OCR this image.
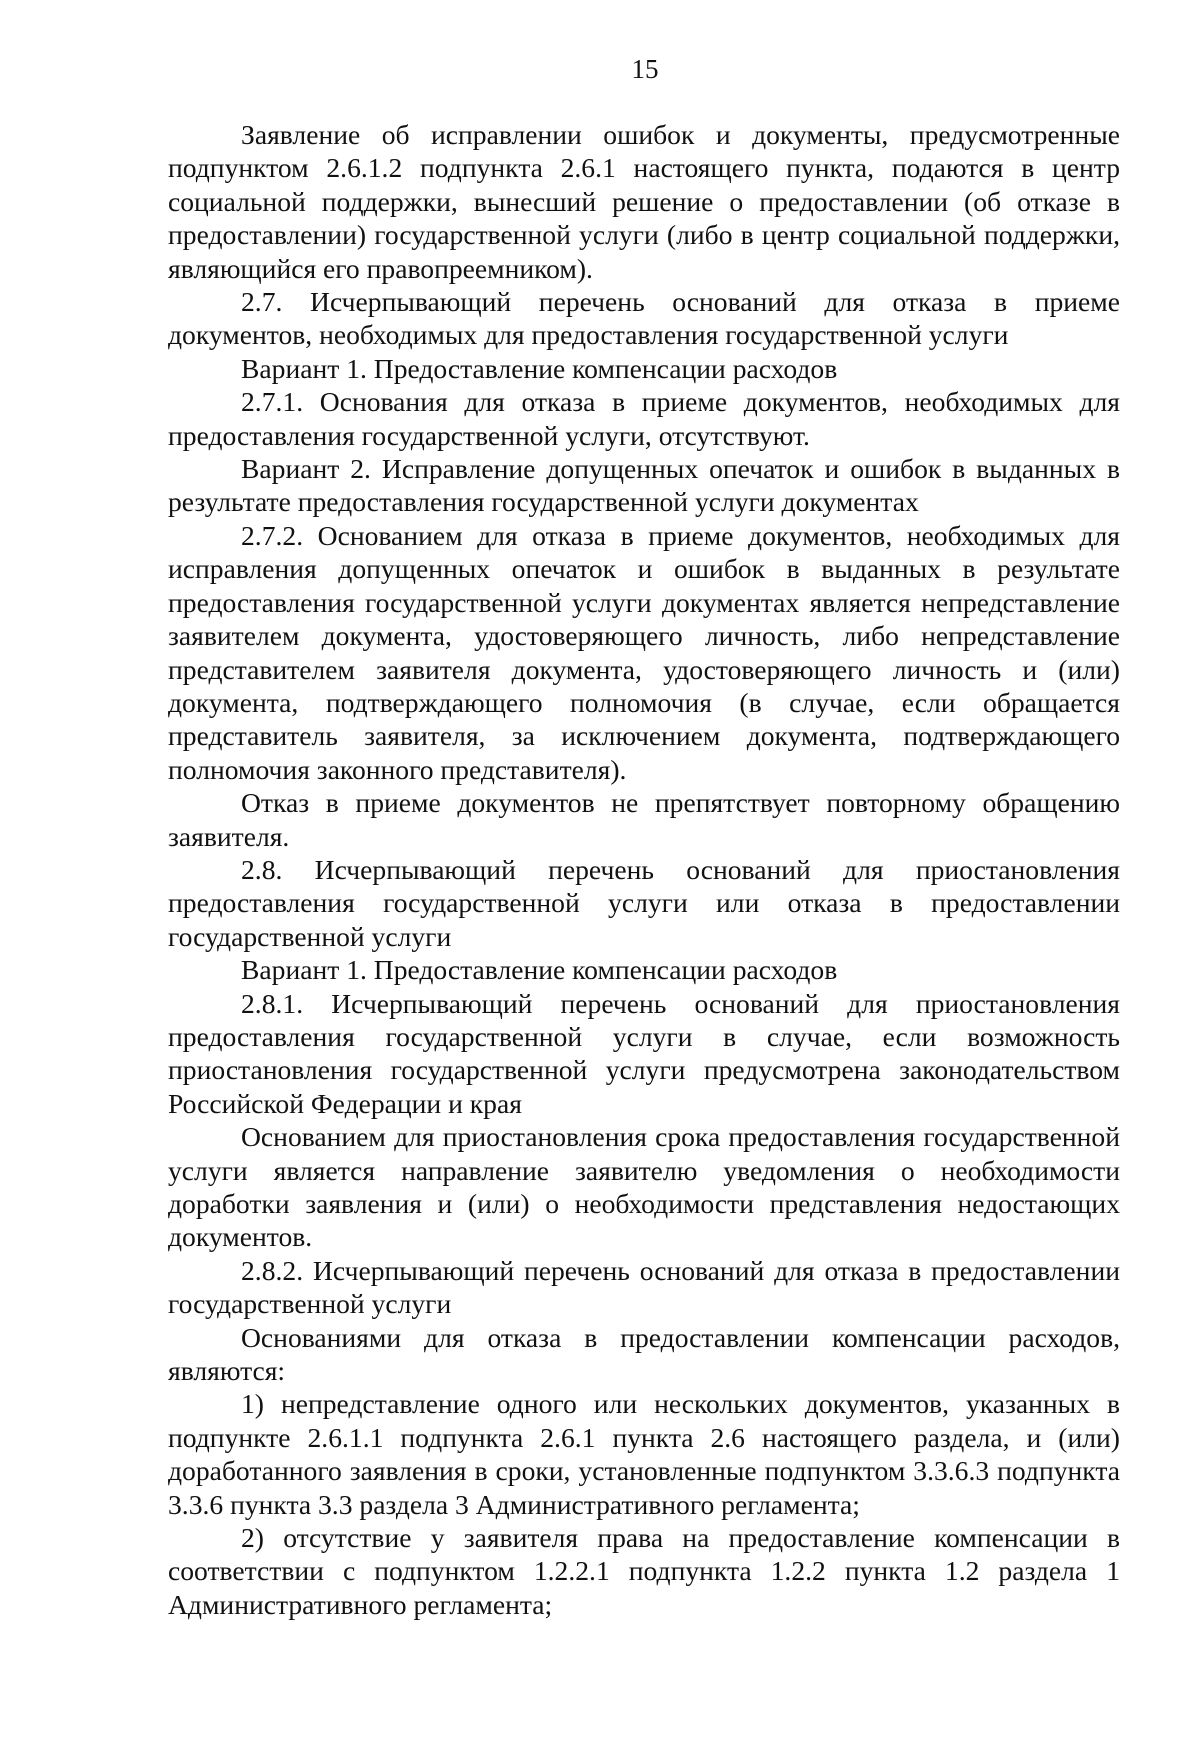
15

Заявление об исправлении ошибок и документы, предусмотренные подпунктом 2.6.1.2 подпункта 2.6.1 настоящего пункта, подаются в центр социальной поддержки, вынесший решение о предоставлении (об отказе в предоставлении) государственной услуги (либо в центр социальной поддержки, являющийся его правопреемником).

2.7. Исчерпывающий перечень оснований для отказа в приеме документов, необходимых для предоставления государственной услуги

Вариант 1. Предоставление компенсации расходов

2.7.1. Основания для отказа в приеме документов, необходимых для предоставления государственной услуги, отсутствуют.

Вариант 2. Исправление допущенных опечаток и ошибок в выданных в результате предоставления государственной услуги документах

2.7.2. Основанием для отказа в приеме документов, необходимых для исправления допущенных опечаток и ошибок в выданных в результате предоставления государственной услуги документах является непредставление заявителем документа, удостоверяющего личность, либо непредставление представителем заявителя документа, удостоверяющего личность и (или) документа, подтверждающего полномочия (в случае, если обращается представитель заявителя, за исключением документа, подтверждающего полномочия законного представителя).

Отказ в приеме документов не препятствует повторному обращению заявителя.

2.8. Исчерпывающий перечень оснований для приостановления предоставления государственной услуги или отказа в предоставлении государственной услуги

Вариант 1. Предоставление компенсации расходов

2.8.1. Исчерпывающий перечень оснований для приостановления предоставления государственной услуги в случае, если возможность приостановления государственной услуги предусмотрена законодательством Российской Федерации и края

Основанием для приостановления срока предоставления государственной услуги является направление заявителю уведомления о необходимости доработки заявления и (или) о необходимости представления недостающих документов.

2.8.2. Исчерпывающий перечень оснований для отказа в предоставлении государственной услуги

Основаниями для отказа в предоставлении компенсации расходов, являются:

1) непредставление одного или нескольких документов, указанных в подпункте 2.6.1.1 подпункта 2.6.1 пункта 2.6 настоящего раздела, и (или) доработанного заявления в сроки, установленные подпунктом 3.3.6.3 подпункта 3.3.6 пункта 3.3 раздела 3 Административного регламента;

2) отсутствие у заявителя права на предоставление компенсации в соответствии с подпунктом 1.2.2.1 подпункта 1.2.2 пункта 1.2 раздела 1 Административного регламента;
